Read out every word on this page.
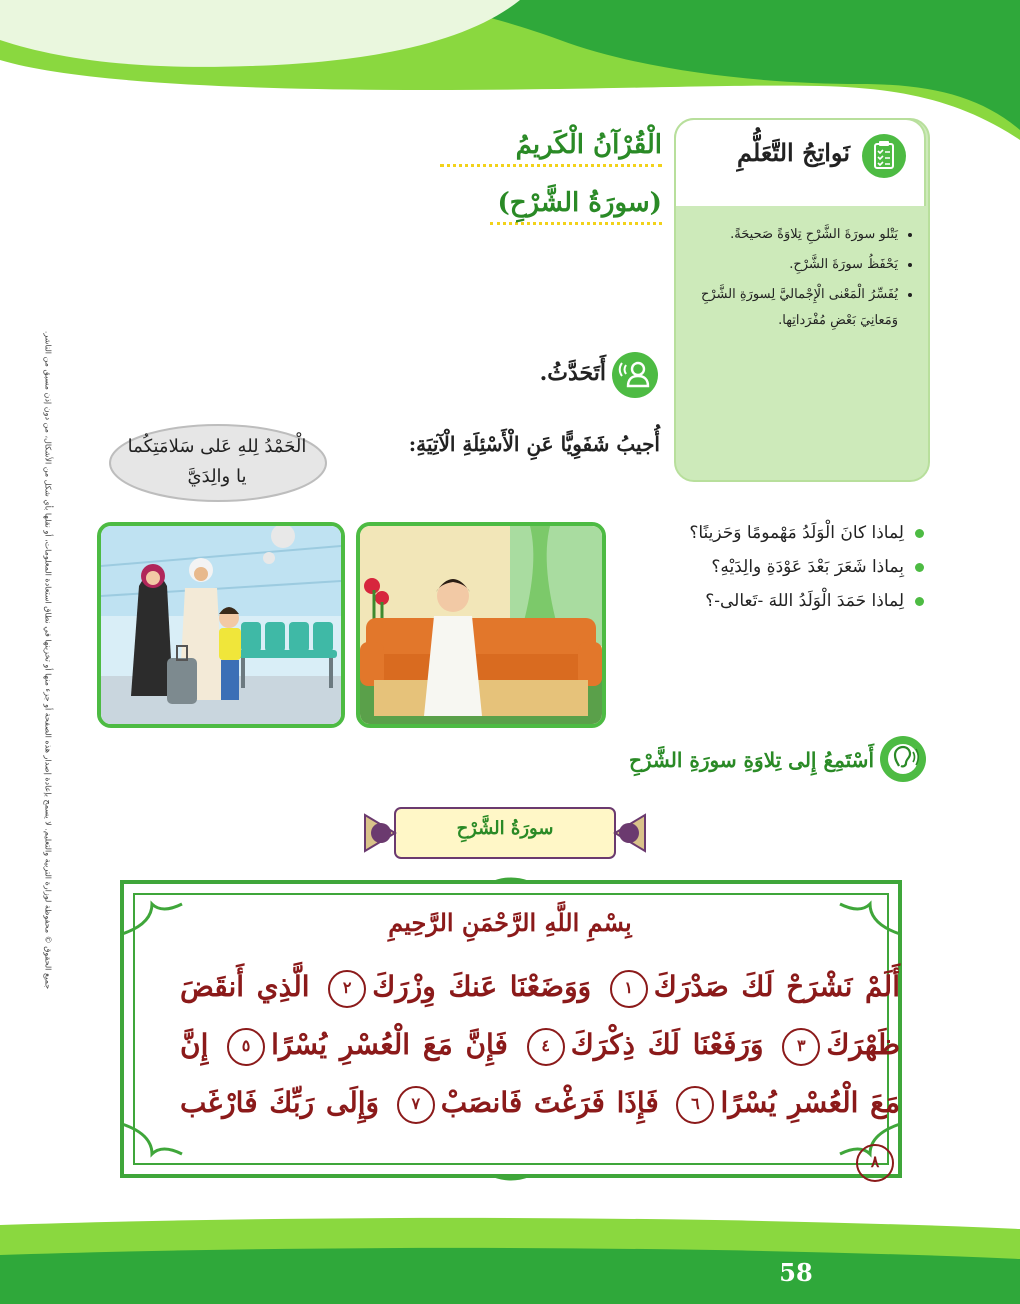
جميع الحقوق © محفوظة لوزارة التربية والتعليم. لا يسمح بإعادة إصدار هذه الصفحة أو جزء منها أو تخزينها في نطاق استعادة المعلومات، أو نقلها بأي شكل من الأشكال، من دون إذن مسبق من الناشر.
نَواتِجُ التَّعَلُّمِ
• يَتْلو سورَةَ الشَّرْحِ تِلاوَةً صَحيحَةً.
• يَحْفَظُ سورَةَ الشَّرْحِ.
• يُفَسِّرُ الْمَعْنى الْإِجْماليَّ لِسورَةِ الشَّرْحِ وَمَعانِيَ بَعْضِ مُفْرَداتِها.
الْقُرْآنُ الْكَريمُ
(سورَةُ الشَّرْحِ)
أَتَحَدَّثُ.
أُجيبُ شَفَوِيًّا عَنِ الْأَسْئِلَةِ الْآتِيَةِ:
الْحَمْدُ لِلهِ عَلى سَلامَتِكُما يا والِدَيَّ
لِماذا كانَ الْوَلَدُ مَهْمومًا وَحَزينًا؟
بِماذا شَعَرَ بَعْدَ عَوْدَةِ والِدَيْهِ؟
لِماذا حَمَدَ الْوَلَدُ اللهَ -تَعالى-؟
أَسْتَمِعُ إِلى تِلاوَةِ سورَةِ الشَّرْحِ
سورَةُ الشَّرْحِ
بِسْمِ اللَّهِ الرَّحْمَنِ الرَّحِيمِ
أَلَمْ نَشْرَحْ لَكَ صَدْرَكَ١ وَوَضَعْنَا عَنكَ وِزْرَكَ٢ الَّذِي أَنقَضَ ظَهْرَكَ٣ وَرَفَعْنَا لَكَ ذِكْرَكَ٤ فَإِنَّ مَعَ الْعُسْرِ يُسْرًا٥ إِنَّ مَعَ الْعُسْرِ يُسْرًا٦ فَإِذَا فَرَغْتَ فَانصَبْ٧ وَإِلَى رَبِّكَ فَارْغَب٨
58
